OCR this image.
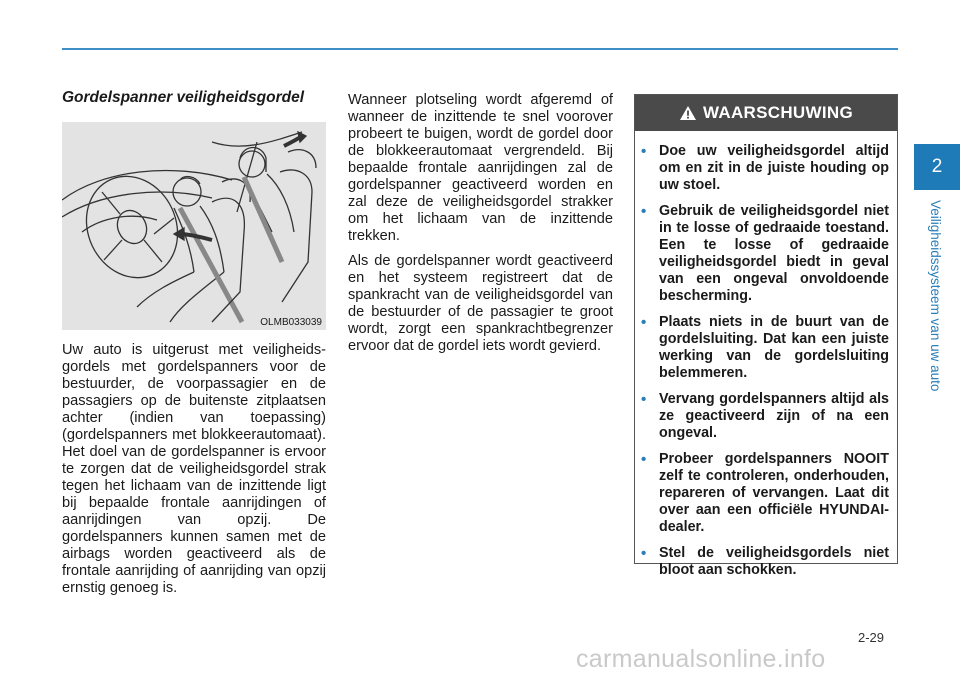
Gordelspanner veiligheidsgordel
OLMB033039

Uw auto is uitgerust met veiligheidsgordels met gordelspanners voor de bestuurder, de voorpassagier en de passagiers op de buitenste zitplaatsen achter (indien van toepassing) (gordelspanners met blokkeerautomaat). Het doel van de gordelspanner is ervoor te zorgen dat de veiligheidsgordel strak tegen het lichaam van de inzittende ligt bij bepaalde frontale aanrijdingen of aanrijdingen van opzij. De gordelspanners kunnen samen met de airbags worden geactiveerd als de frontale aanrijding of aanrijding van opzij ernstig genoeg is.

Wanneer plotseling wordt afgeremd of wanneer de inzittende te snel voorover probeert te buigen, wordt de gordel door de blokkeerautomaat vergrendeld. Bij bepaalde frontale aanrijdingen zal de gordelspanner geactiveerd worden en zal deze de veiligheidsgordel strakker om het lichaam van de inzittende trekken.

Als de gordelspanner wordt geactiveerd en het systeem registreert dat de spankracht van de veiligheidsgordel van de bestuurder of de passagier te groot wordt, zorgt een spankrachtbegrenzer ervoor dat de gordel iets wordt gevierd.

WAARSCHUWING
• Doe uw veiligheidsgordel altijd om en zit in de juiste houding op uw stoel.
• Gebruik de veiligheidsgordel niet in te losse of gedraaide toestand. Een te losse of gedraaide veiligheidsgordel biedt in geval van een ongeval onvoldoende bescherming.
• Plaats niets in de buurt van de gordelsluiting. Dat kan een juiste werking van de gordelsluiting belemmeren.
• Vervang gordelspanners altijd als ze geactiveerd zijn of na een ongeval.
• Probeer gordelspanners NOOIT zelf te controleren, onderhouden, repareren of vervangen. Laat dit over aan een officiële HYUNDAI-dealer.
• Stel de veiligheidsgordels niet bloot aan schokken.
2
Veiligheidssysteem van uw auto
2-29
carmanualsonline.info
